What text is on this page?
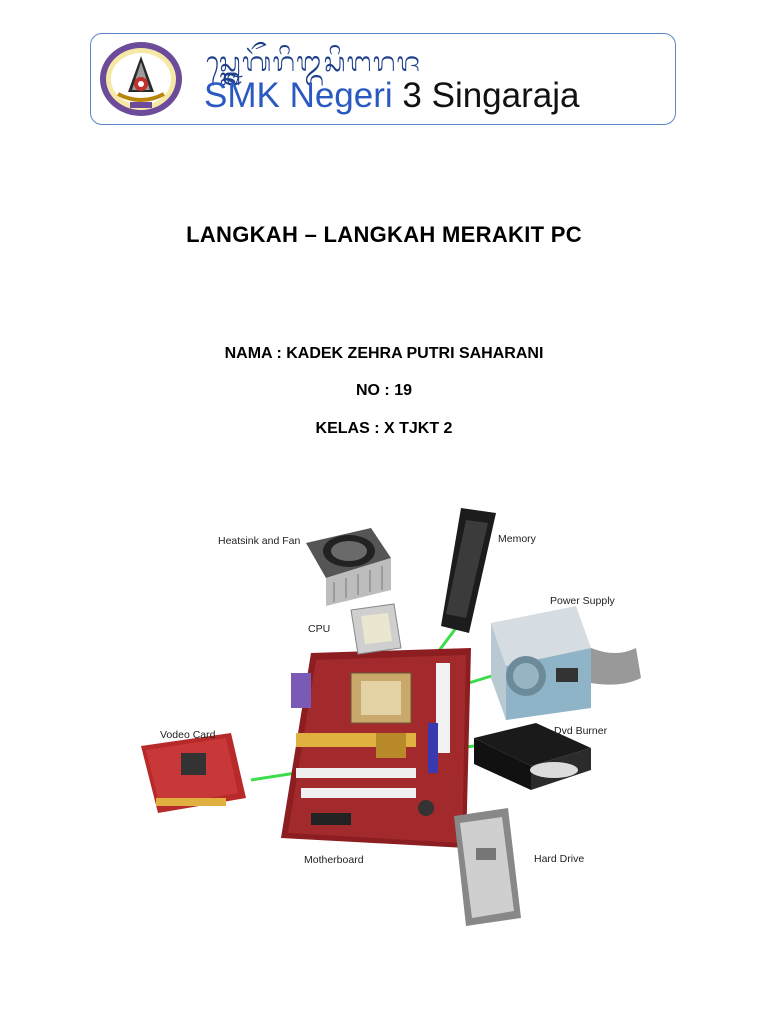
ᬲ᭄ᬫ᭄ᬓ᭄ᬦᬾᬕᭂᬭᬶ᭓ᬲᬶᬗᬭᬚ
SMK Negeri 3 Singaraja
LANGKAH – LANGKAH MERAKIT PC
NAMA : KADEK ZEHRA PUTRI SAHARANI
NO : 19
KELAS : X TJKT 2
Heatsink and Fan	Memory
Power Supply
CPU
Vodeo Card	Dvd Burner
Hard Drive
Motherboard
